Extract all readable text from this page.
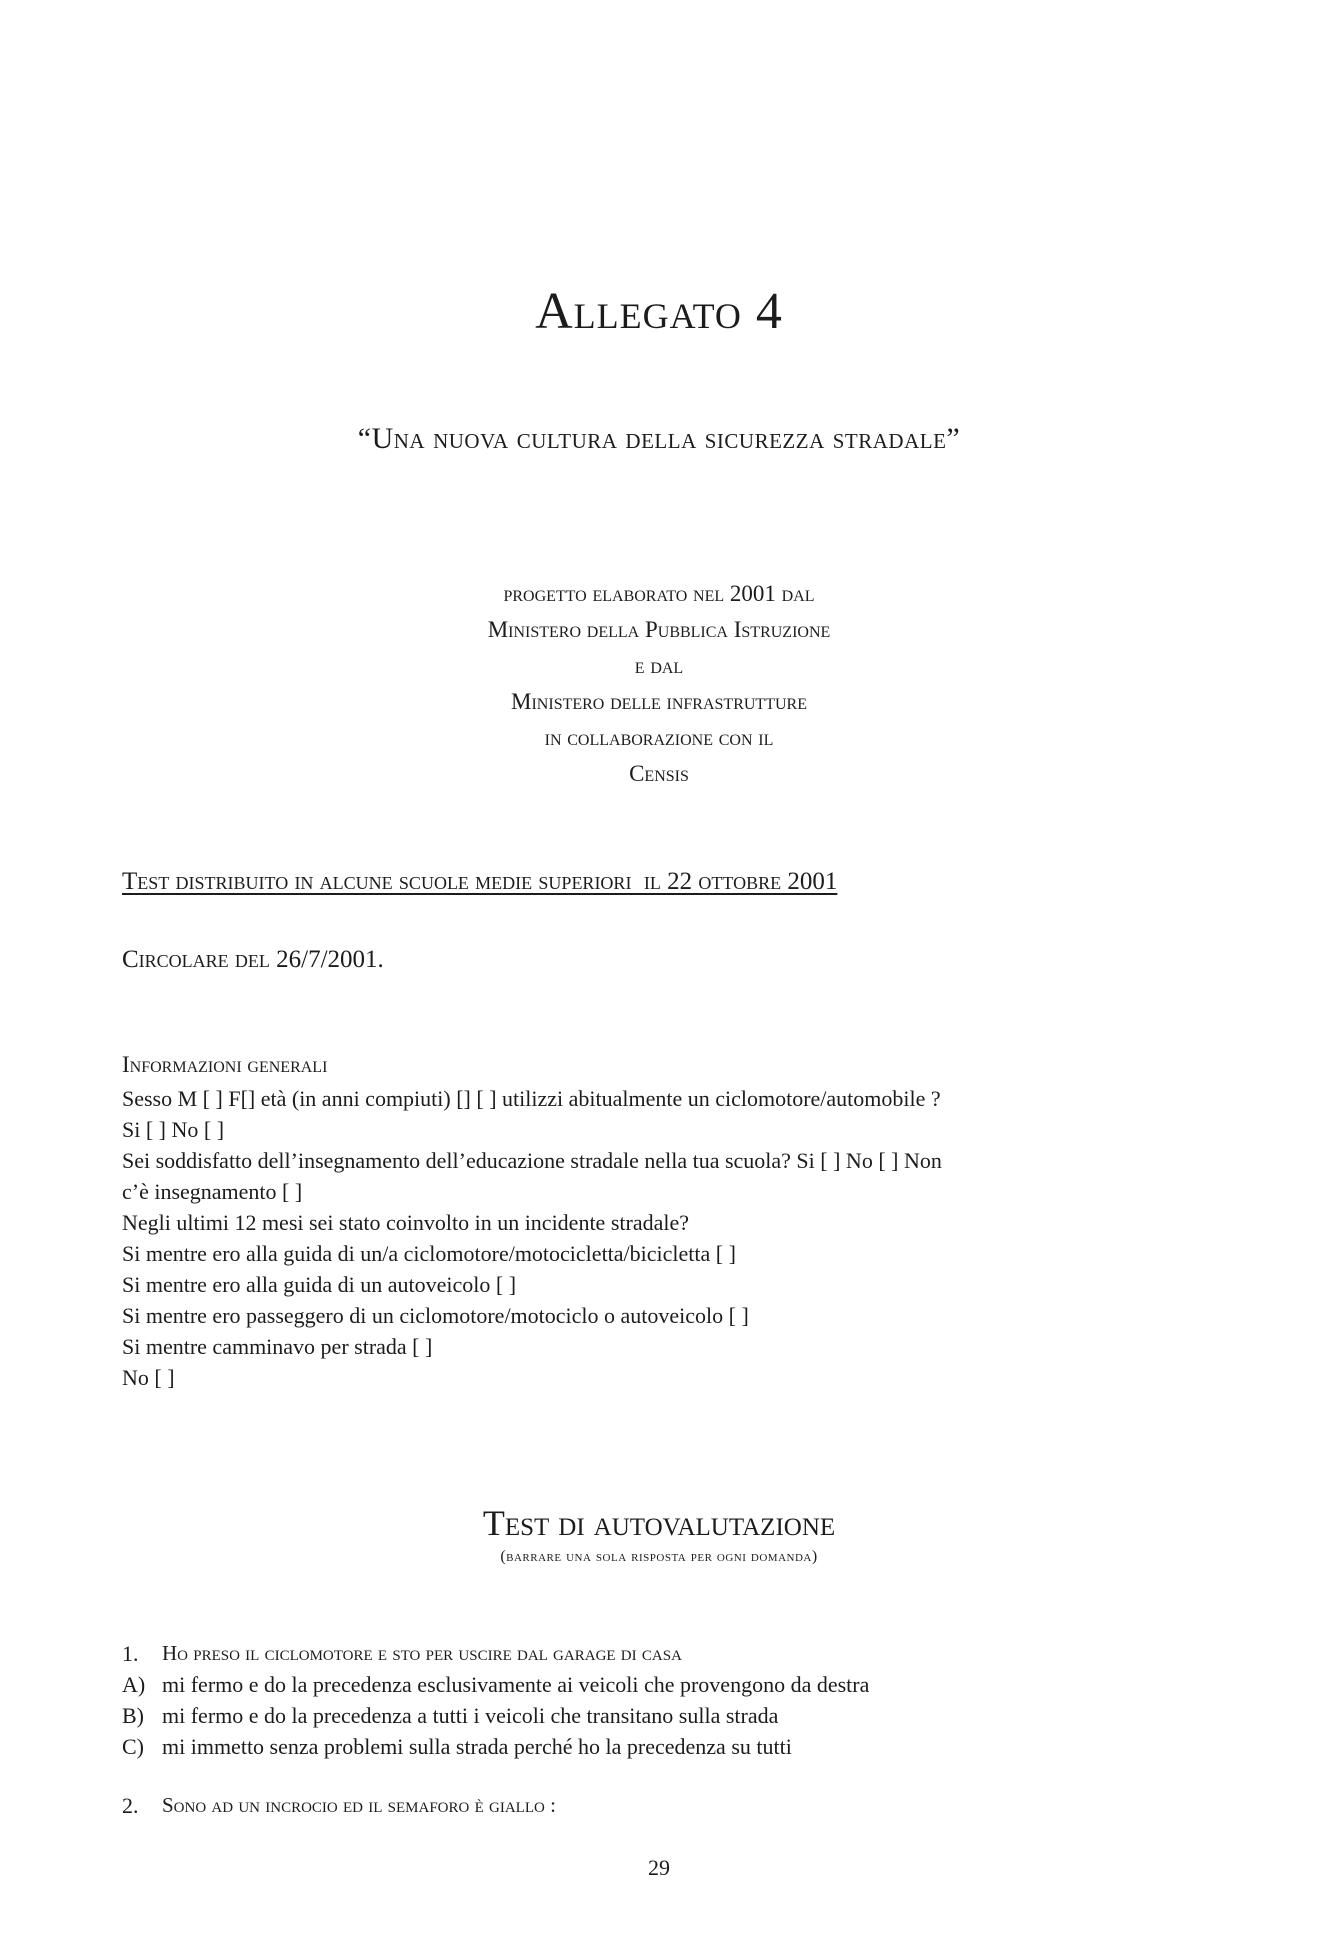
Allegato 4
“Una nuova cultura della sicurezza stradale”
progetto elaborato nel 2001 dal
Ministero della Pubblica Istruzione
e dal
Ministero delle infrastrutture
in collaborazione con il
Censis
Test distribuito in alcune scuole medie superiori  il 22 ottobre 2001
Circolare del 26/7/2001.
Informazioni generali
Sesso M [ ] F[] età (in anni compiuti) [] [ ] utilizzi abitualmente un ciclomotore/automobile ?
Si [ ] No [ ]
Sei soddisfatto dell’insegnamento dell’educazione stradale nella tua scuola? Si [ ] No [ ] Non
c’è insegnamento [ ]
Negli ultimi 12 mesi sei stato coinvolto in un incidente stradale?
Si mentre ero alla guida di un/a ciclomotore/motocicletta/bicicletta [ ]
Si mentre ero alla guida di un autoveicolo [ ]
Si mentre ero passeggero di un ciclomotore/motociclo o autoveicolo [ ]
Si mentre camminavo per strada [ ]
No [ ]
Test di autovalutazione
(barrare una sola risposta per ogni domanda)
1.	Ho preso il ciclomotore e sto per uscire dal garage di casa
A) mi fermo e do la precedenza esclusivamente ai veicoli che provengono da destra
B) mi fermo e do la precedenza a tutti i veicoli che transitano sulla strada
C) mi immetto senza problemi sulla strada perché ho la precedenza su tutti
2.	Sono ad un incrocio ed il semaforo è giallo :
29
